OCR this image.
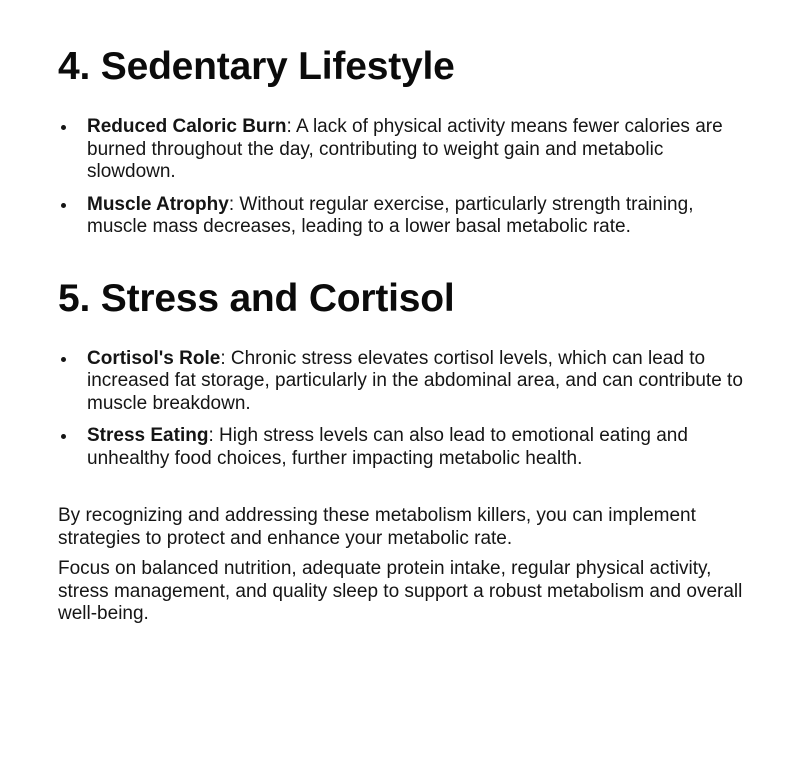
4. Sedentary Lifestyle
Reduced Caloric Burn: A lack of physical activity means fewer calories are burned throughout the day, contributing to weight gain and metabolic slowdown.
Muscle Atrophy: Without regular exercise, particularly strength training, muscle mass decreases, leading to a lower basal metabolic rate.
5. Stress and Cortisol
Cortisol's Role: Chronic stress elevates cortisol levels, which can lead to increased fat storage, particularly in the abdominal area, and can contribute to muscle breakdown.
Stress Eating: High stress levels can also lead to emotional eating and unhealthy food choices, further impacting metabolic health.

By recognizing and addressing these metabolism killers, you can implement strategies to protect and enhance your metabolic rate.

Focus on balanced nutrition, adequate protein intake, regular physical activity, stress management, and quality sleep to support a robust metabolism and overall well-being.
